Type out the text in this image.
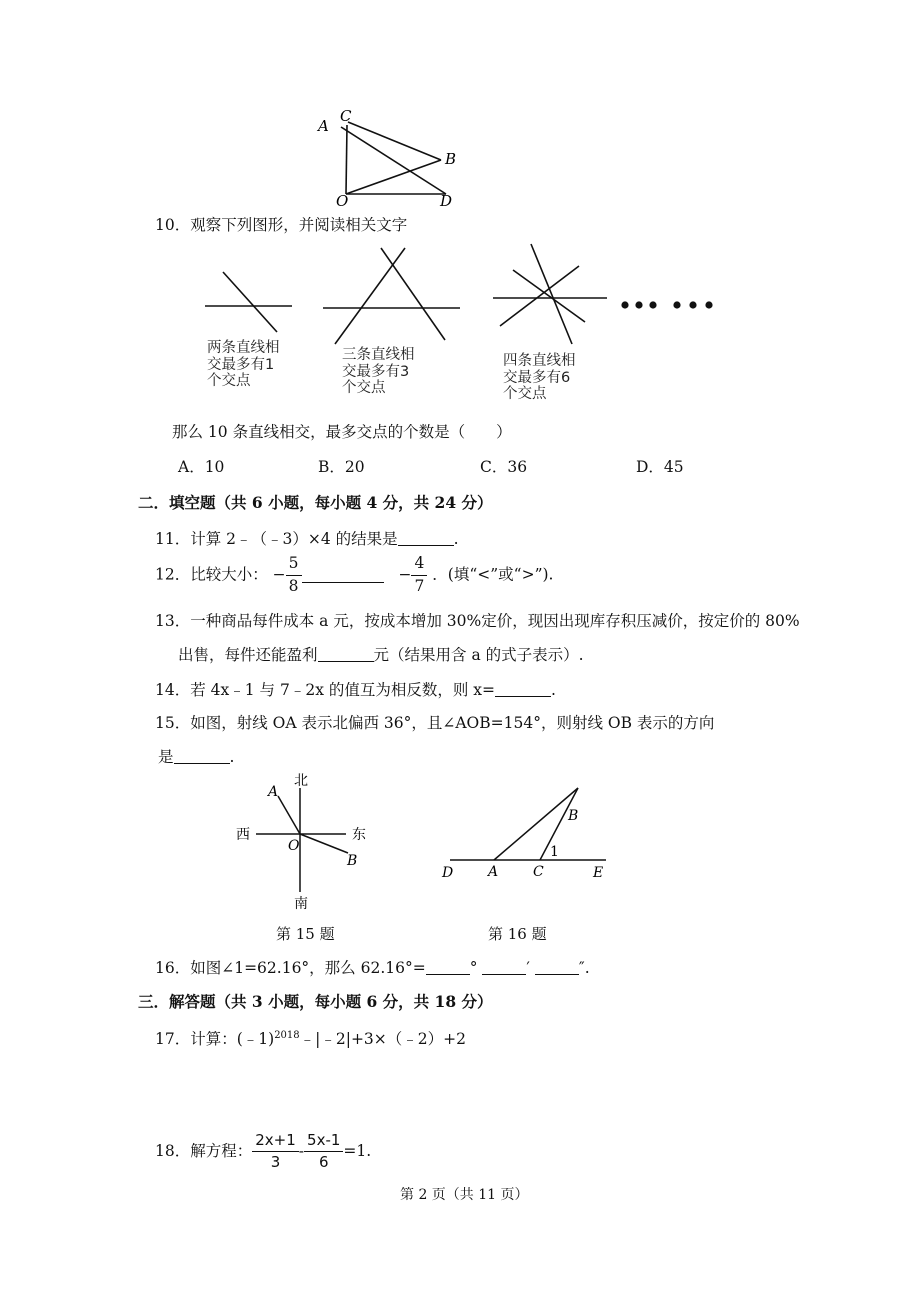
A
C
B
O	D
10．观察下列图形，并阅读相关文字
• • • • • •
两条直线相
交最多有1
个交点
三条直线相
交最多有3
个交点
四条直线相
交最多有6
个交点
那么 10 条直线相交，最多交点的个数是（　　）
A．10	B．20	C．36	D．45
二．填空题（共 6 小题，每小题 4 分，共 24 分）
11．计算 2﹣（﹣3）×4 的结果是	.
12．比较大小： − $\frac{5}{8}$	− $\frac{4}{7}$ ．(填“<”或“>”).
13．一种商品每件成本 a 元，按成本增加 30%定价，现因出现库存积压减价，按定价的 80%
出售，每件还能盈利	元（结果用含 a 的式子表示）.
14．若 4x﹣1 与 7﹣2x 的值互为相反数，则 x=	.
15．如图，射线 OA 表示北偏西 36°，且∠AOB=154°，则射线 OB 表示的方向
是	.
北
南
西	东
A
B
O
B
1
D A C	E
第 15 题	第 16 题
16．如图∠1=62.16°，那么 62.16°=	°	′	″.
三．解答题（共 3 小题，每小题 6 分，共 18 分）
17．计算：(﹣1)$^{2018}$﹣|﹣2|+3×（﹣2）+2
18．解方程： $\frac{2x+1}{3} - \frac{5x-1}{6} =1$.
第 2 页（共 11 页）
